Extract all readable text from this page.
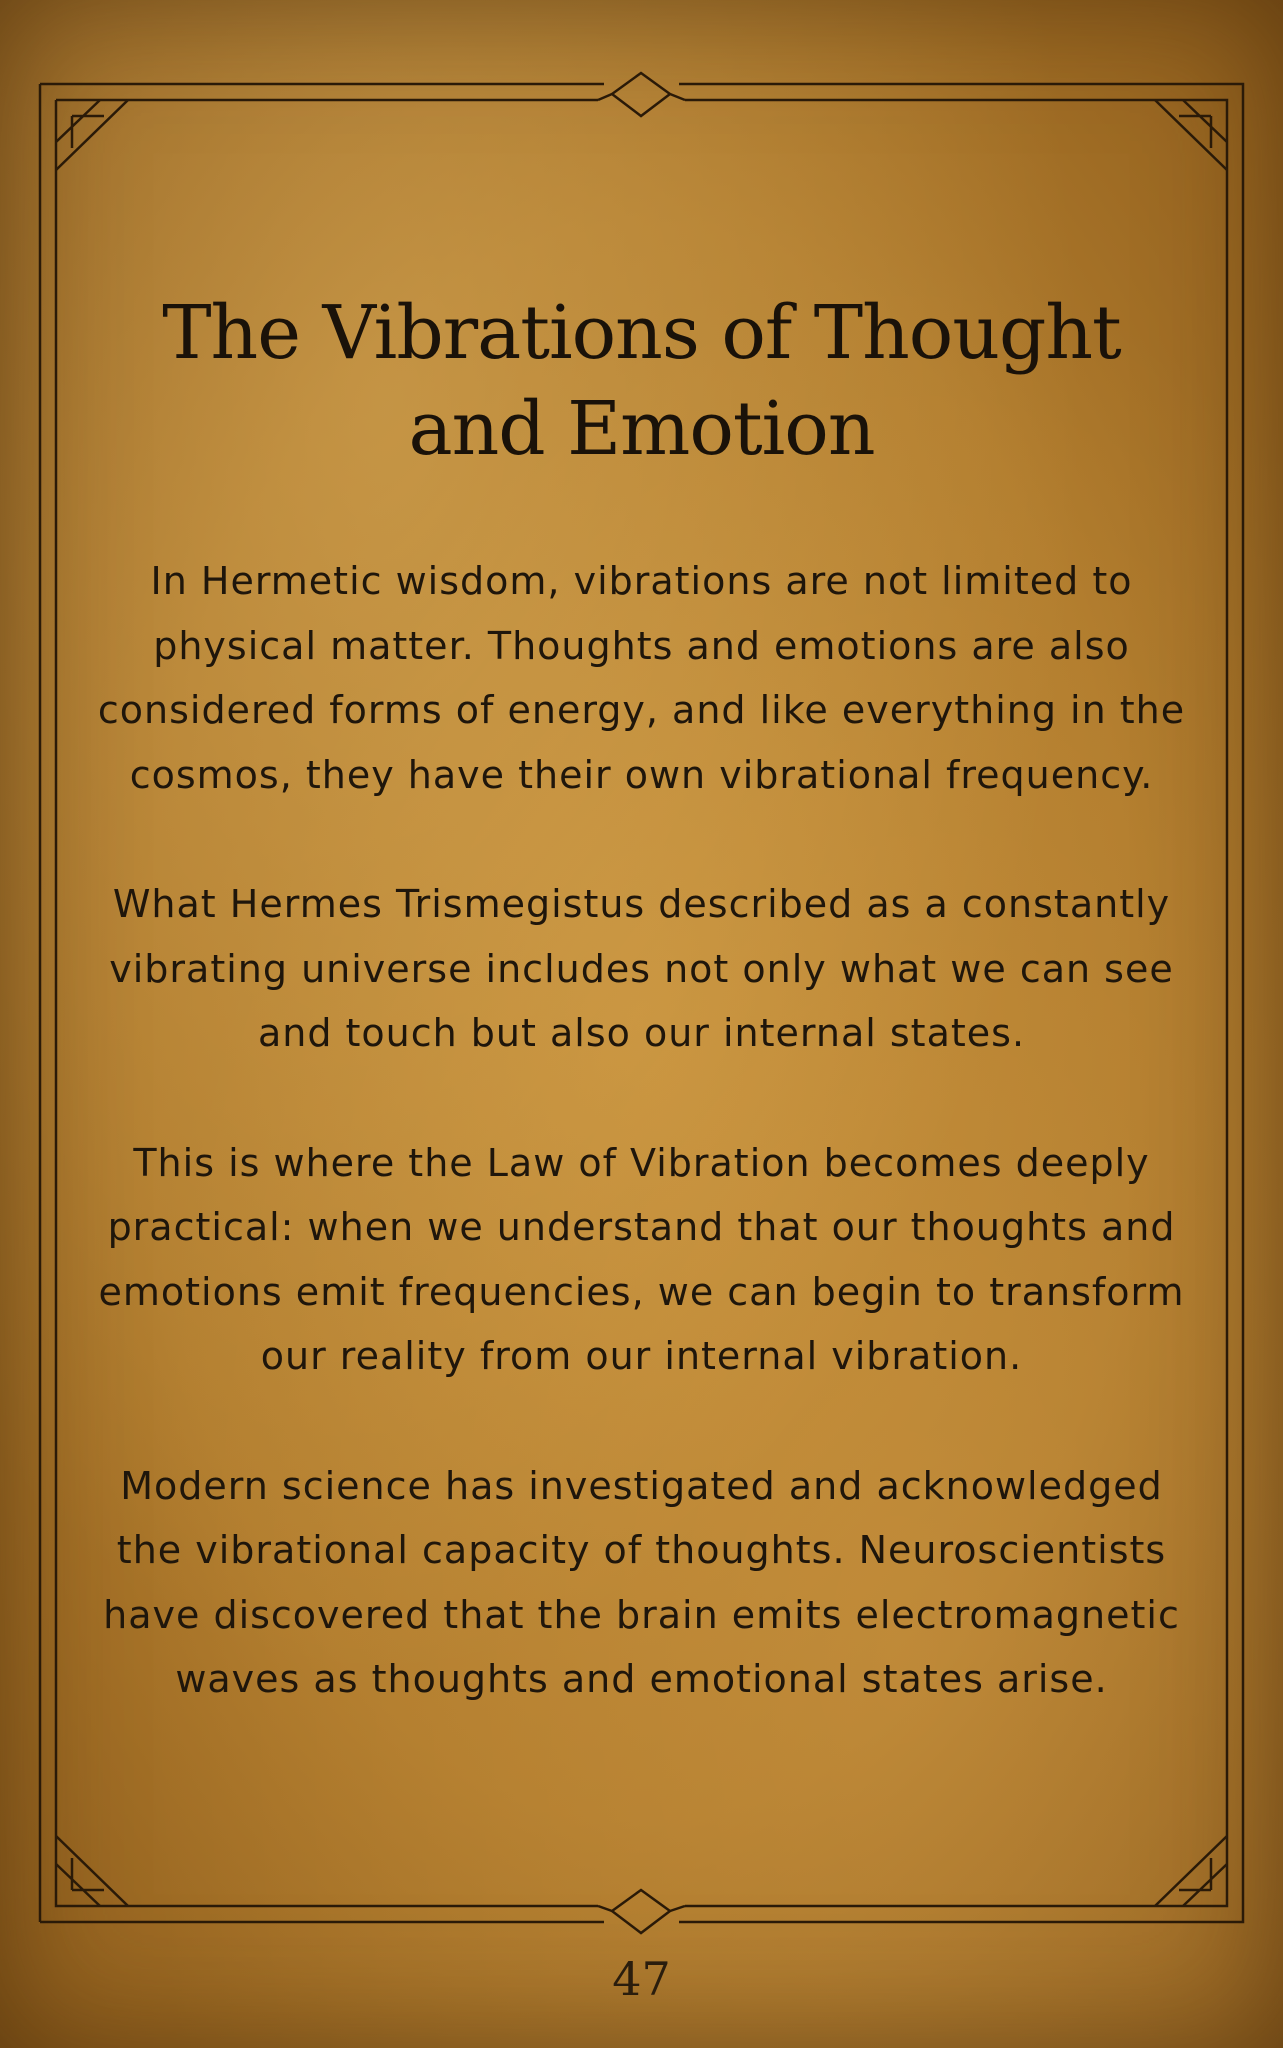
The Vibrations of Thought and Emotion

In Hermetic wisdom, vibrations are not limited to physical matter. Thoughts and emotions are also considered forms of energy, and like everything in the cosmos, they have their own vibrational frequency.

What Hermes Trismegistus described as a constantly vibrating universe includes not only what we can see and touch but also our internal states.

This is where the Law of Vibration becomes deeply practical: when we understand that our thoughts and emotions emit frequencies, we can begin to transform our reality from our internal vibration.

Modern science has investigated and acknowledged the vibrational capacity of thoughts. Neuroscientists have discovered that the brain emits electromagnetic waves as thoughts and emotional states arise.

47
